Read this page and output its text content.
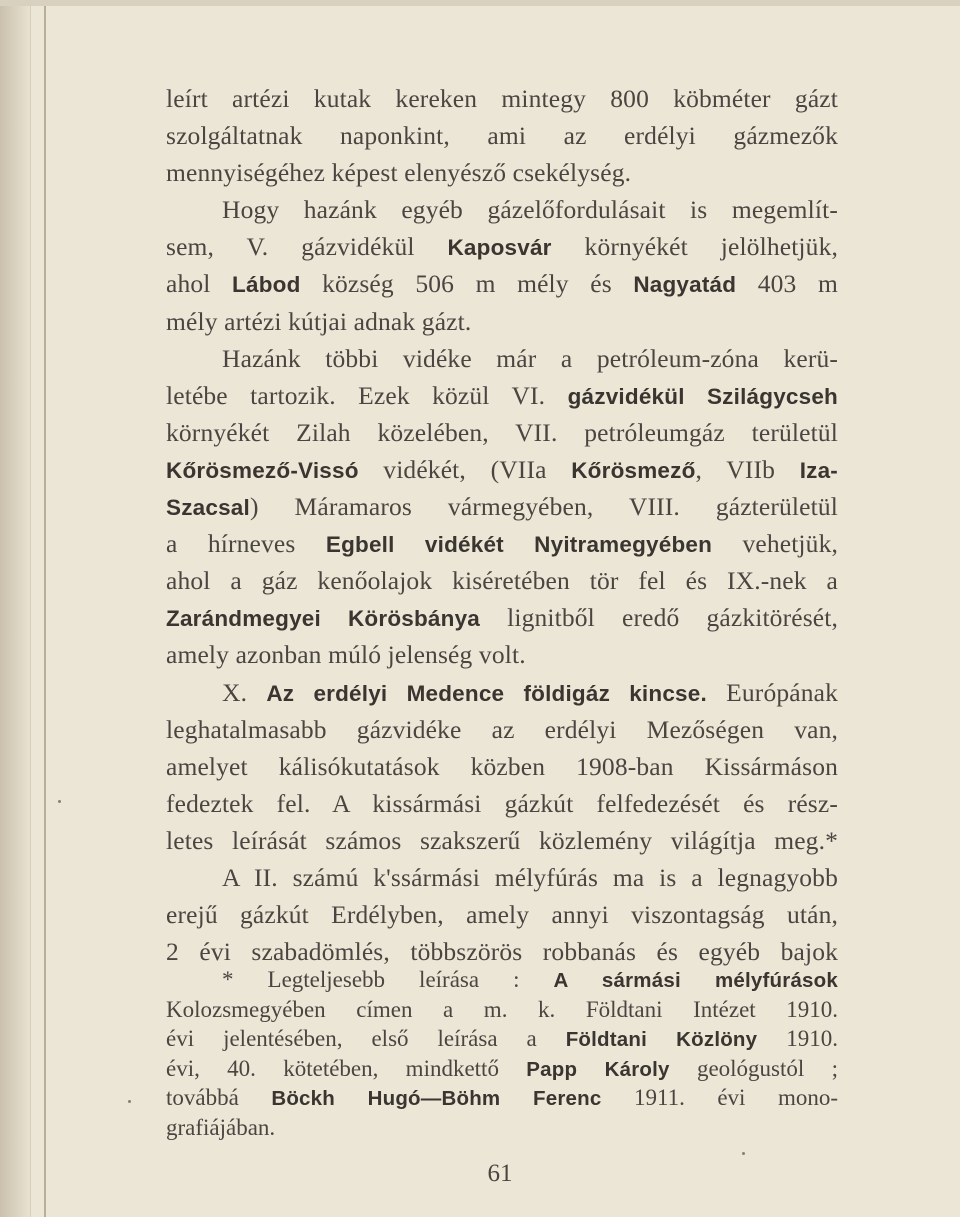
leírt artézi kutak kereken mintegy 800 köbméter gázt
szolgáltatnak naponkint, ami az erdélyi gázmezők
mennyiségéhez képest elenyésző csekélység.
Hogy hazánk egyéb gázelőfordulásait is megemlít-
sem, V. gázvidékül Kaposvár környékét jelölhetjük,
ahol Lábod község 506 m mély és Nagyatád 403 m
mély artézi kútjai adnak gázt.
Hazánk többi vidéke már a petróleum-zóna kerü-
letébe tartozik. Ezek közül VI. gázvidékül Szilágycseh
környékét Zilah közelében, VII. petróleumgáz területül
Kőrösmező-Vissó vidékét, (VIIa Kőrösmező, VIIb Iza-
Szacsal) Máramaros vármegyében, VIII. gázterületül
a hírneves Egbell vidékét Nyitramegyében vehetjük,
ahol a gáz kenőolajok kiséretében tör fel és IX.-nek a
Zarándmegyei Körösbánya lignitből eredő gázkitörését,
amely azonban múló jelenség volt.
X. Az erdélyi Medence földigáz kincse. Európának
leghatalmasabb gázvidéke az erdélyi Mezőségen van,
amelyet kálisókutatások közben 1908-ban Kissármáson
fedeztek fel. A kissármási gázkút felfedezését és rész-
letes leírását számos szakszerű közlemény világítja meg.*
A II. számú k'ssármási mélyfúrás ma is a legnagyobb
erejű gázkút Erdélyben, amely annyi viszontagság után,
2 évi szabadömlés, többszörös robbanás és egyéb bajok
* Legteljesebb leírása : A sármási mélyfúrások
Kolozsmegyében címen a m. k. Földtani Intézet 1910.
évi jelentésében, első leírása a Földtani Közlöny 1910.
évi, 40. kötetében, mindkettő Papp Károly geológustól ;
továbbá Böckh Hugó—Böhm Ferenc 1911. évi mono-
grafiájában.
61
